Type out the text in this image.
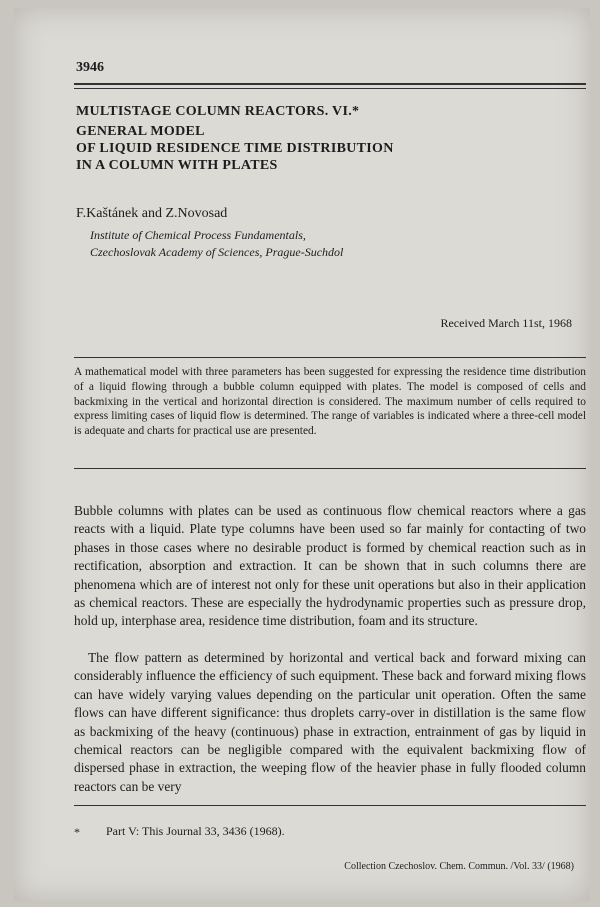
3946
MULTISTAGE COLUMN REACTORS. VI.*
GENERAL MODEL
OF LIQUID RESIDENCE TIME DISTRIBUTION
IN A COLUMN WITH PLATES
F.Kaštánek and Z.Novosad
Institute of Chemical Process Fundamentals,
Czechoslovak Academy of Sciences, Prague-Suchdol
Received March 11st, 1968

A mathematical model with three parameters has been suggested for expressing the residence time distribution of a liquid flowing through a bubble column equipped with plates. The model is composed of cells and backmixing in the vertical and horizontal direction is considered. The maximum number of cells required to express limiting cases of liquid flow is determined. The range of variables is indicated where a three-cell model is adequate and charts for practical use are presented.

Bubble columns with plates can be used as continuous flow chemical reactors where a gas reacts with a liquid. Plate type columns have been used so far mainly for contacting of two phases in those cases where no desirable product is formed by chemical reaction such as in rectification, absorption and extraction. It can be shown that in such columns there are phenomena which are of interest not only for these unit operations but also in their application as chemical reactors. These are especially the hydrodynamic properties such as pressure drop, hold up, interphase area, residence time distribution, foam and its structure.

The flow pattern as determined by horizontal and vertical back and forward mixing can considerably influence the efficiency of such equipment. These back and forward mixing flows can have widely varying values depending on the particular unit operation. Often the same flows can have different significance: thus droplets carry-over in distillation is the same flow as backmixing of the heavy (continuous) phase in extraction, entrainment of gas by liquid in chemical reactors can be negligible compared with the equivalent backmixing flow of dispersed phase in extraction, the weeping flow of the heavier phase in fully flooded column reactors can be very

* Part V: This Journal 33, 3436 (1968).
Collection Czechoslov. Chem. Commun. /Vol. 33/ (1968)
